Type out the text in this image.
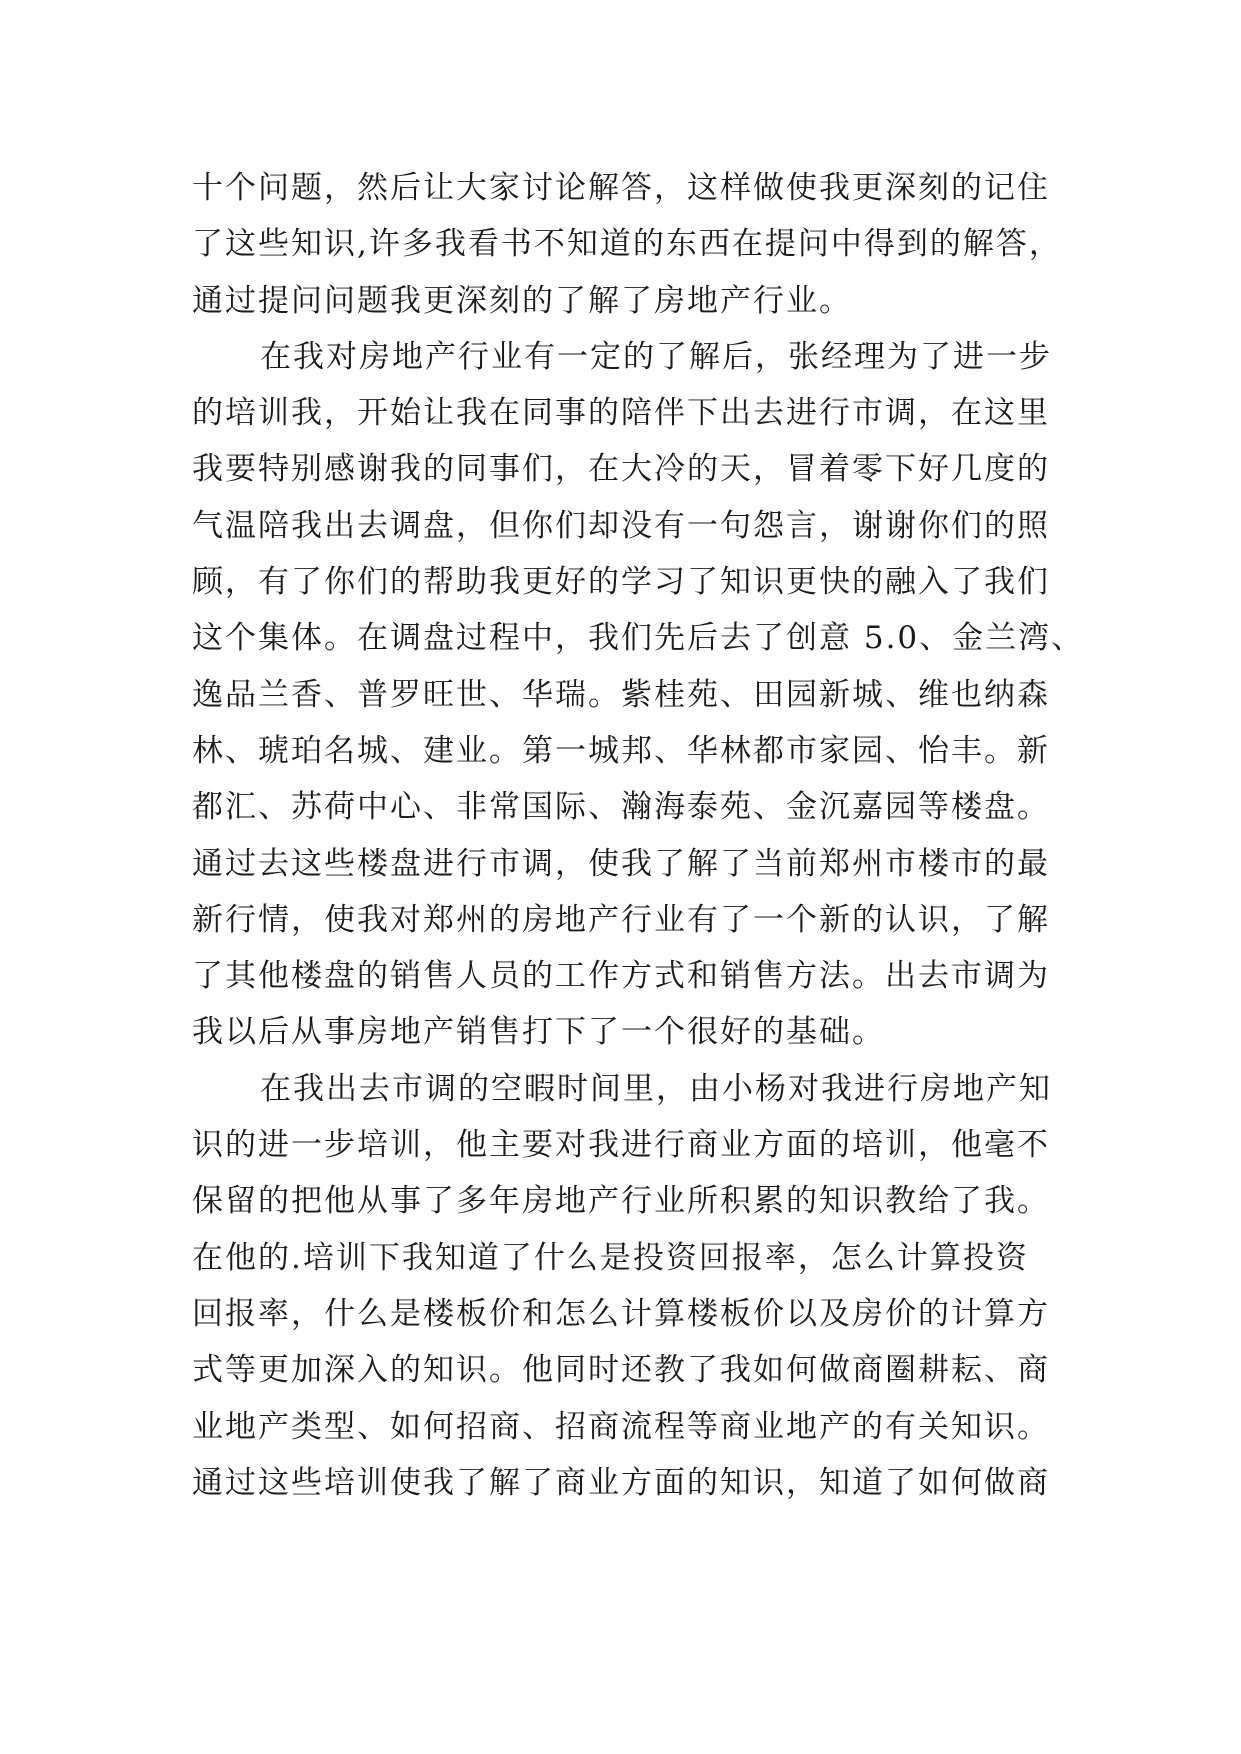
十个问题，然后让大家讨论解答，这样做使我更深刻的记住
了这些知识,许多我看书不知道的东西在提问中得到的解答，
通过提问问题我更深刻的了解了房地产行业。
在我对房地产行业有一定的了解后，张经理为了进一步
的培训我，开始让我在同事的陪伴下出去进行市调，在这里
我要特别感谢我的同事们，在大冷的天，冒着零下好几度的
气温陪我出去调盘，但你们却没有一句怨言，谢谢你们的照
顾，有了你们的帮助我更好的学习了知识更快的融入了我们
这个集体。在调盘过程中，我们先后去了创意 5.0、金兰湾、
逸品兰香、普罗旺世、华瑞。紫桂苑、田园新城、维也纳森
林、琥珀名城、建业。第一城邦、华林都市家园、怡丰。新
都汇、苏荷中心、非常国际、瀚海泰苑、金沉嘉园等楼盘。
通过去这些楼盘进行市调，使我了解了当前郑州市楼市的最
新行情，使我对郑州的房地产行业有了一个新的认识，了解
了其他楼盘的销售人员的工作方式和销售方法。出去市调为
我以后从事房地产销售打下了一个很好的基础。
在我出去市调的空暇时间里，由小杨对我进行房地产知
识的进一步培训，他主要对我进行商业方面的培训，他毫不
保留的把他从事了多年房地产行业所积累的知识教给了我。
在他的.培训下我知道了什么是投资回报率，怎么计算投资
回报率，什么是楼板价和怎么计算楼板价以及房价的计算方
式等更加深入的知识。他同时还教了我如何做商圈耕耘、商
业地产类型、如何招商、招商流程等商业地产的有关知识。
通过这些培训使我了解了商业方面的知识，知道了如何做商
